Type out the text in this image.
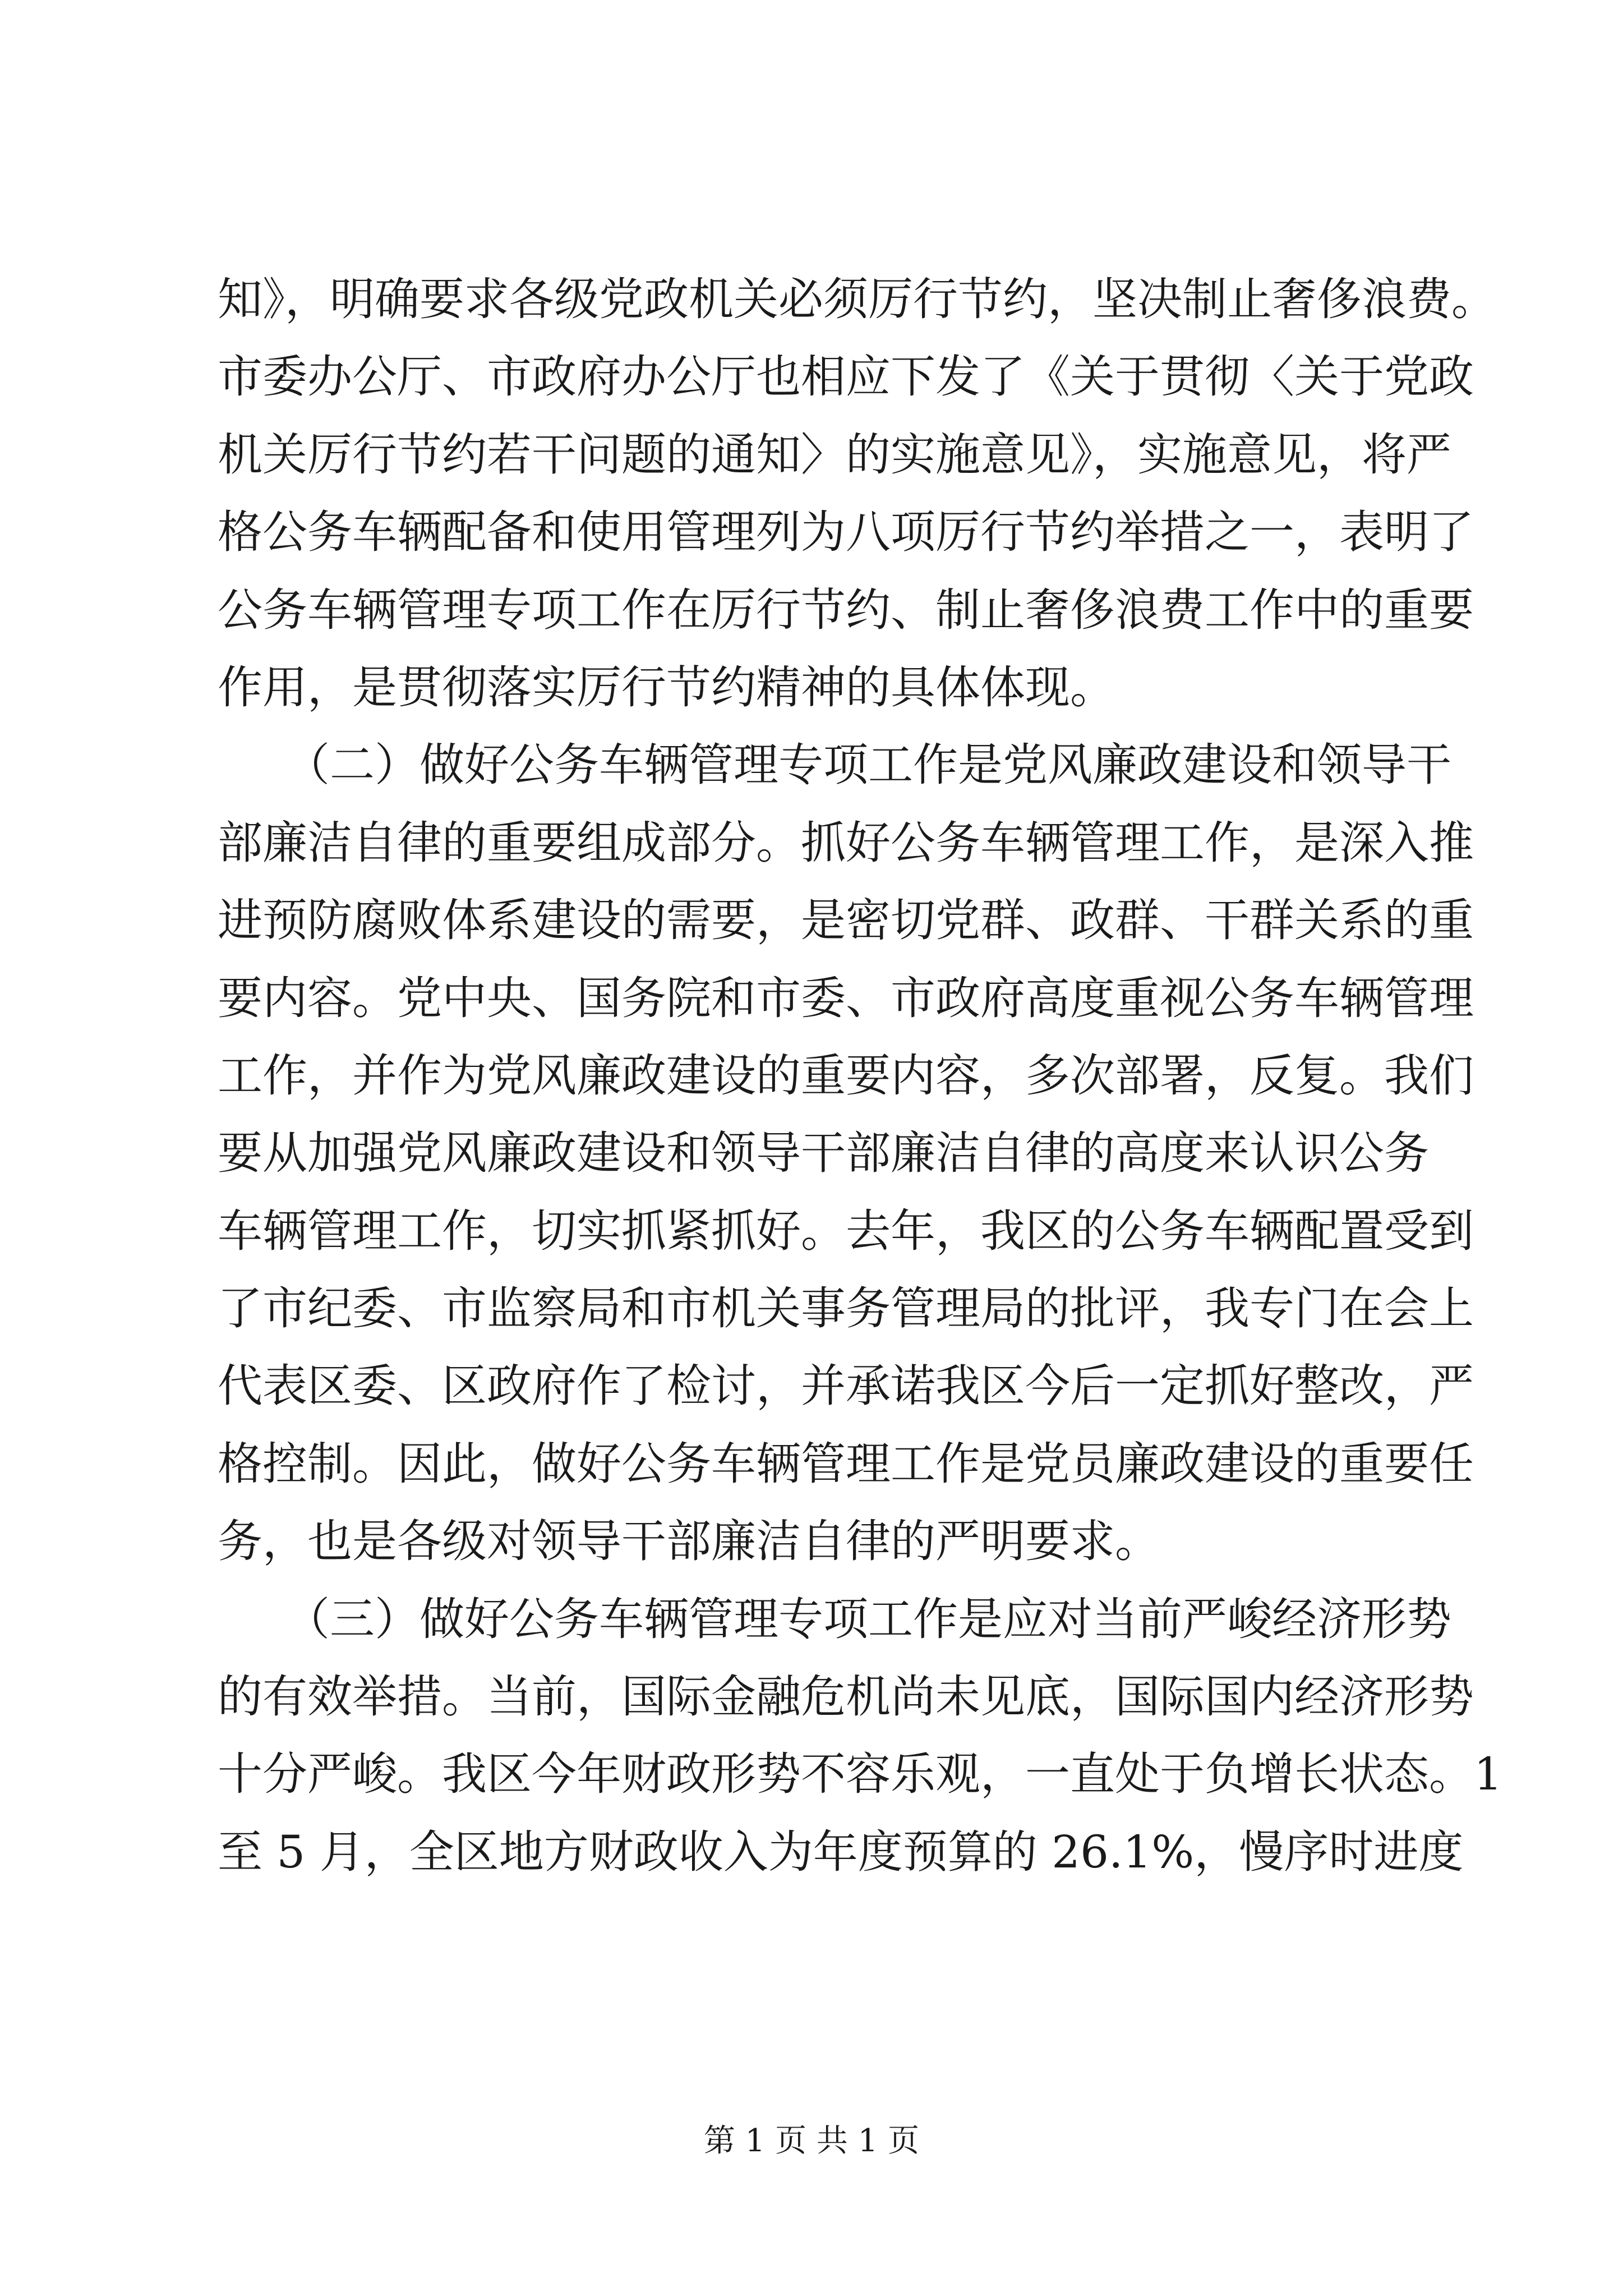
知》，明确要求各级党政机关必须厉行节约，坚决制止奢侈浪费。
市委办公厅、市政府办公厅也相应下发了《关于贯彻〈关于党政
机关厉行节约若干问题的通知〉的实施意见》，实施意见，将严
格公务车辆配备和使用管理列为八项厉行节约举措之一，表明了
公务车辆管理专项工作在厉行节约、制止奢侈浪费工作中的重要
作用，是贯彻落实厉行节约精神的具体体现。
　　（二）做好公务车辆管理专项工作是党风廉政建设和领导干
部廉洁自律的重要组成部分。抓好公务车辆管理工作，是深入推
进预防腐败体系建设的需要，是密切党群、政群、干群关系的重
要内容。党中央、国务院和市委、市政府高度重视公务车辆管理
工作，并作为党风廉政建设的重要内容，多次部署，反复。我们
要从加强党风廉政建设和领导干部廉洁自律的高度来认识公务
车辆管理工作，切实抓紧抓好。去年，我区的公务车辆配置受到
了市纪委、市监察局和市机关事务管理局的批评，我专门在会上
代表区委、区政府作了检讨，并承诺我区今后一定抓好整改，严
格控制。因此，做好公务车辆管理工作是党员廉政建设的重要任
务，也是各级对领导干部廉洁自律的严明要求。
　　（三）做好公务车辆管理专项工作是应对当前严峻经济形势
的有效举措。当前，国际金融危机尚未见底，国际国内经济形势
十分严峻。我区今年财政形势不容乐观，一直处于负增长状态。1
至 5 月，全区地方财政收入为年度预算的 26.1%，慢序时进度
第 1 页 共 1 页
